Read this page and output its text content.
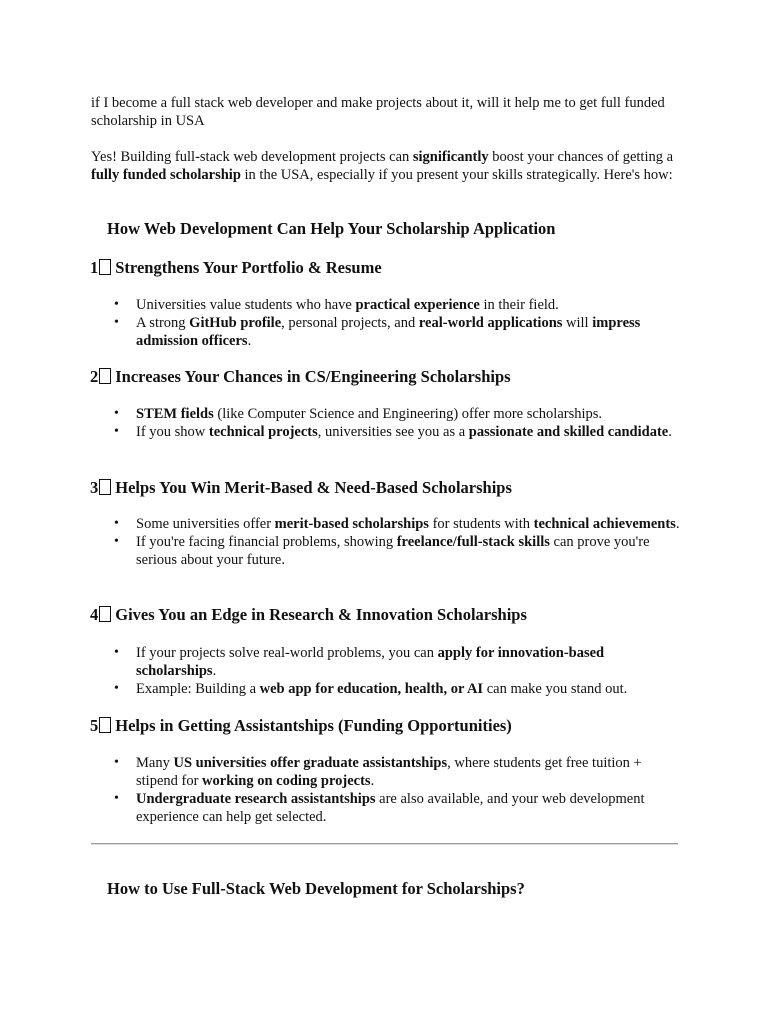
if I become a full stack web developer and make projects about it, will it help me to get full funded scholarship in USA

Yes! Building full-stack web development projects can significantly boost your chances of getting a fully funded scholarship in the USA, especially if you present your skills strategically. Here's how:

How Web Development Can Help Your Scholarship Application
1 Strengthens Your Portfolio & Resume
• Universities value students who have practical experience in their field.
• A strong GitHub profile, personal projects, and real-world applications will impress admission officers.
2 Increases Your Chances in CS/Engineering Scholarships
• STEM fields (like Computer Science and Engineering) offer more scholarships.
• If you show technical projects, universities see you as a passionate and skilled candidate.
3 Helps You Win Merit-Based & Need-Based Scholarships
• Some universities offer merit-based scholarships for students with technical achievements.
• If you're facing financial problems, showing freelance/full-stack skills can prove you're serious about your future.
4 Gives You an Edge in Research & Innovation Scholarships
• If your projects solve real-world problems, you can apply for innovation-based scholarships.
• Example: Building a web app for education, health, or AI can make you stand out.
5 Helps in Getting Assistantships (Funding Opportunities)
• Many US universities offer graduate assistantships, where students get free tuition + stipend for working on coding projects.
• Undergraduate research assistantships are also available, and your web development experience can help get selected.
How to Use Full-Stack Web Development for Scholarships?
